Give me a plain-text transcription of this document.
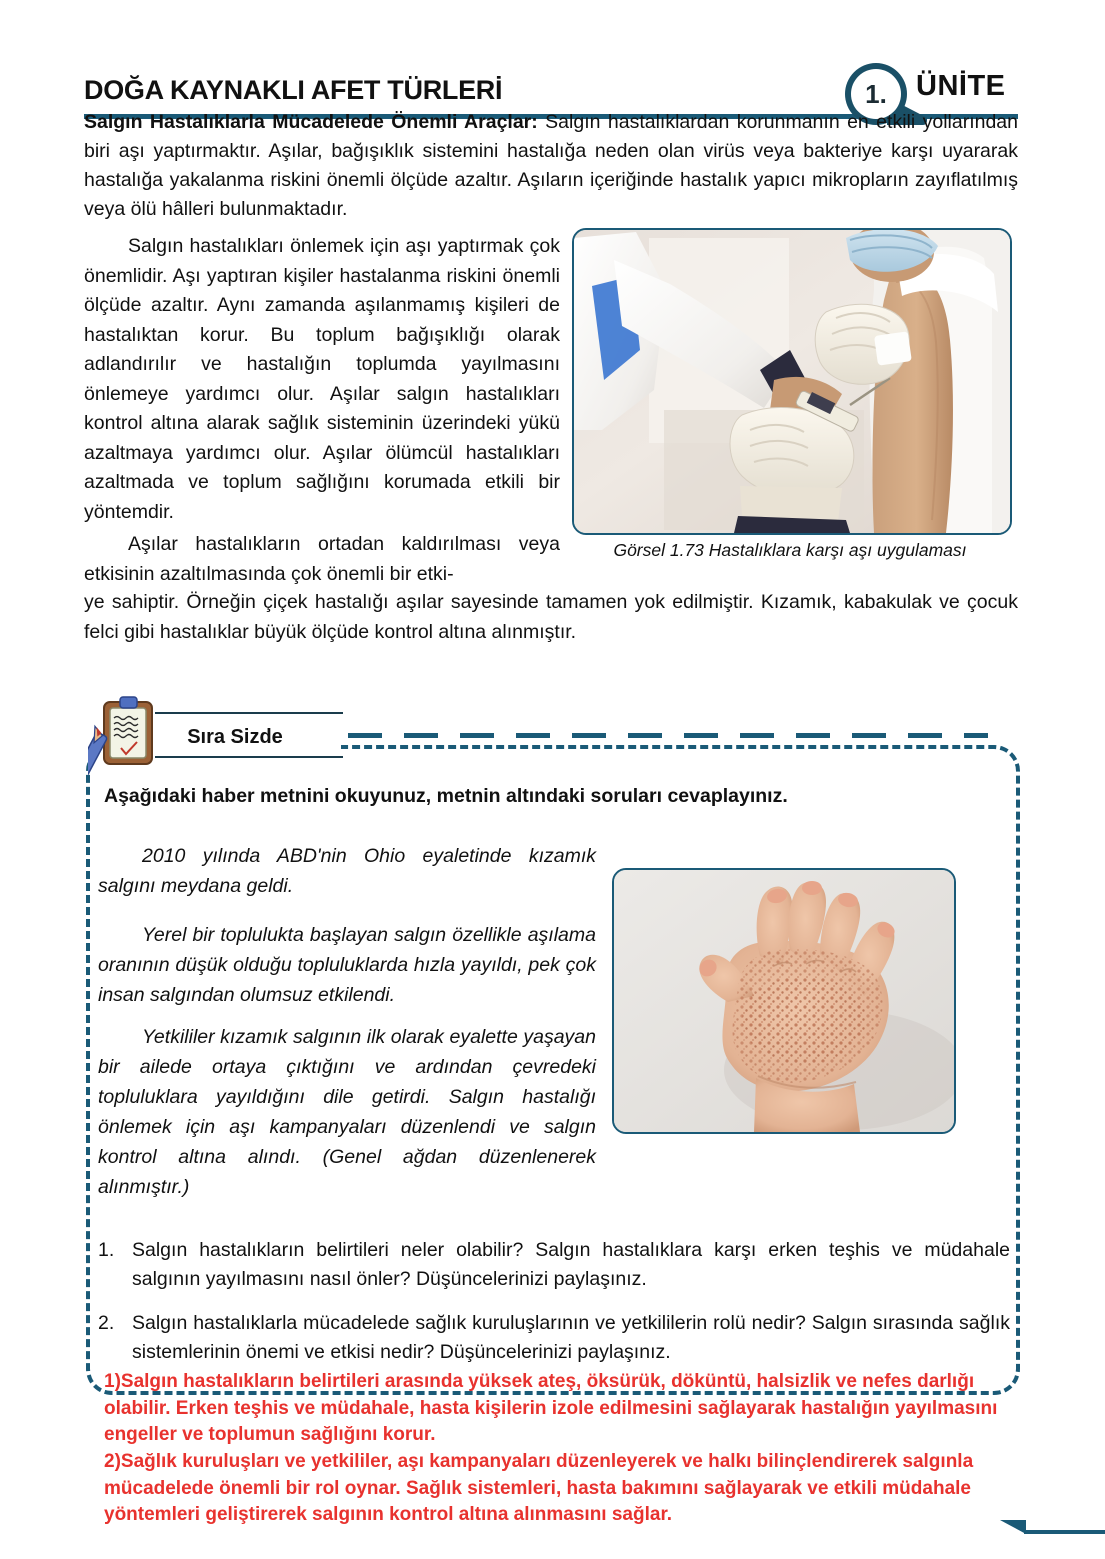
DOĞA KAYNAKLI AFET TÜRLERİ	1.	ÜNİTE
Salgın Hastalıklarla Mücadelede Önemli Araçlar: Salgın hastalıklardan korunmanın en etkili yollarından biri aşı yaptırmaktır. Aşılar, bağışıklık sistemini hastalığa neden olan virüs veya bakteriye karşı uyararak hastalığa yakalanma riskini önemli ölçüde azaltır. Aşıların içeriğinde hastalık yapıcı mikropların zayıflatılmış veya ölü hâlleri bulunmaktadır.
Salgın hastalıkları önlemek için aşı yaptırmak çok önemlidir. Aşı yaptıran kişiler hastalanma riskini önemli ölçüde azaltır. Aynı zamanda aşılanmamış kişileri de hastalıktan korur. Bu toplum bağışıklığı olarak adlandırılır ve hastalığın toplumda yayılmasını önlemeye yardımcı olur. Aşılar salgın hastalıkları kontrol altına alarak sağlık sisteminin üzerindeki yükü azaltmaya yardımcı olur. Aşılar ölümcül hastalıkları azaltmada ve toplum sağlığını korumada etkili bir yöntemdir.
Aşılar hastalıkların ortadan kaldırılması veya etkisinin azaltılmasında çok önemli bir etki-
ye sahiptir. Örneğin çiçek hastalığı aşılar sayesinde tamamen yok edilmiştir. Kızamık, kabakulak ve çocuk felci gibi hastalıklar büyük ölçüde kontrol altına alınmıştır.
Görsel 1.73 Hastalıklara karşı aşı uygulaması
Sıra Sizde
Aşağıdaki haber metnini okuyunuz, metnin altındaki soruları cevaplayınız.
2010 yılında ABD'nin Ohio eyaletinde kızamık salgını meydana geldi.
Yerel bir toplulukta başlayan salgın özellikle aşılama oranının düşük olduğu topluluklarda hızla yayıldı, pek çok insan salgından olumsuz etkilendi.
Yetkililer kızamık salgının ilk olarak eyalette yaşayan bir ailede ortaya çıktığını ve ardından çevredeki topluluklara yayıldığını dile getirdi. Salgın hastalığı önlemek için aşı kampanyaları düzenlendi ve salgın kontrol altına alındı. (Genel ağdan düzenlenerek alınmıştır.)
1. Salgın hastalıkların belirtileri neler olabilir? Salgın hastalıklara karşı erken teşhis ve müdahale salgının yayılmasını nasıl önler? Düşüncelerinizi paylaşınız.
2. Salgın hastalıklarla mücadelede sağlık kuruluşlarının ve yetkililerin rolü nedir? Salgın sırasında sağlık sistemlerinin önemi ve etkisi nedir? Düşüncelerinizi paylaşınız.
1)Salgın hastalıkların belirtileri arasında yüksek ateş, öksürük, döküntü, halsizlik ve nefes darlığı olabilir. Erken teşhis ve müdahale, hasta kişilerin izole edilmesini sağlayarak hastalığın yayılmasını engeller ve toplumun sağlığını korur.
2)Sağlık kuruluşları ve yetkililer, aşı kampanyaları düzenleyerek ve halkı bilinçlendirerek salgınla mücadelede önemli bir rol oynar. Sağlık sistemleri, hasta bakımını sağlayarak ve etkili müdahale yöntemleri geliştirerek salgının kontrol altına alınmasını sağlar.
